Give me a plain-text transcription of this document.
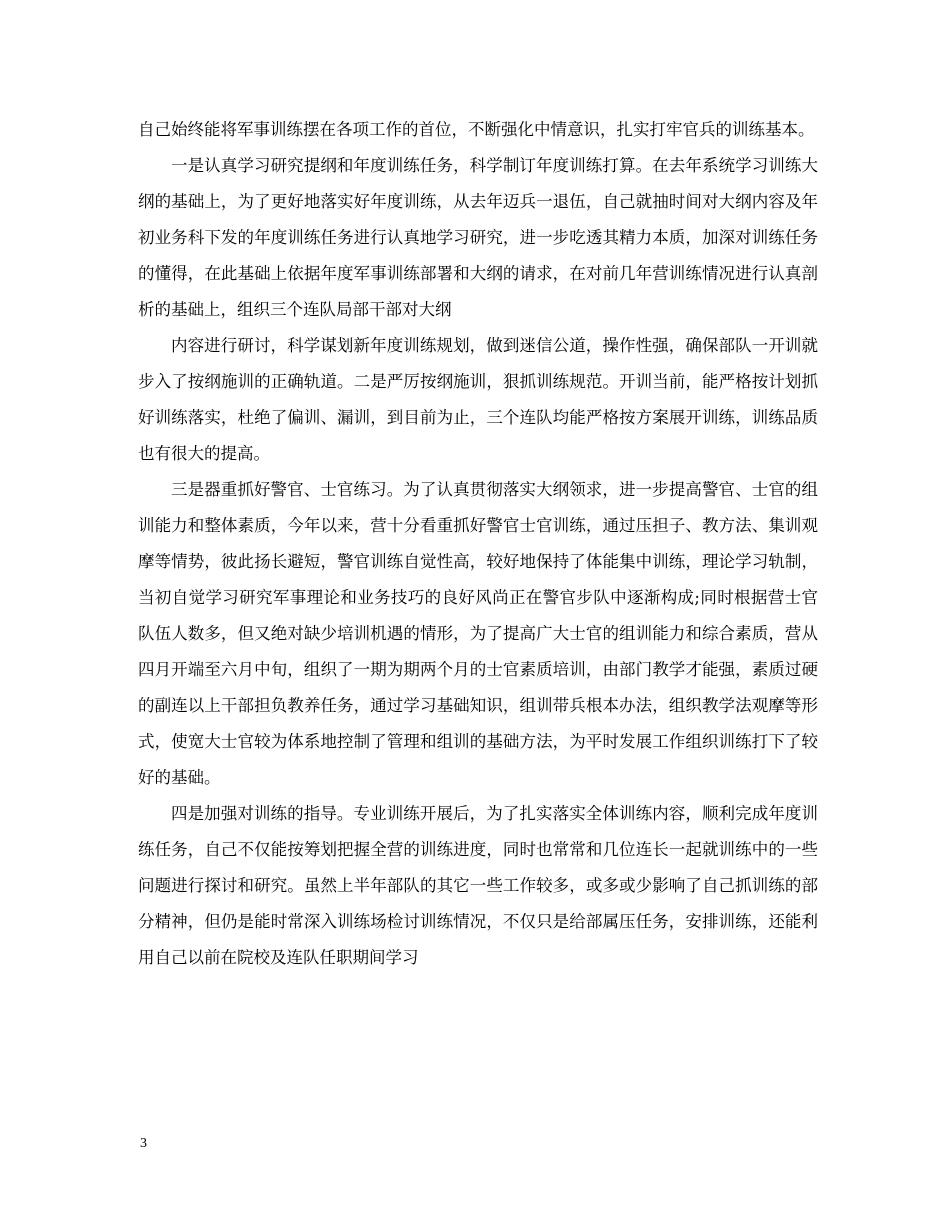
自己始终能将军事训练摆在各项工作的首位，不断强化中情意识，扎实打牢官兵的训练基本。

一是认真学习研究提纲和年度训练任务，科学制订年度训练打算。在去年系统学习训练大纲的基础上，为了更好地落实好年度训练，从去年迈兵一退伍，自己就抽时间对大纲内容及年初业务科下发的年度训练任务进行认真地学习研究，进一步吃透其精力本质，加深对训练任务的懂得，在此基础上依据年度军事训练部署和大纲的请求，在对前几年营训练情况进行认真剖析的基础上，组织三个连队局部干部对大纲

内容进行研讨，科学谋划新年度训练规划，做到迷信公道，操作性强，确保部队一开训就步入了按纲施训的正确轨道。二是严厉按纲施训，狠抓训练规范。开训当前，能严格按计划抓好训练落实，杜绝了偏训、漏训，到目前为止，三个连队均能严格按方案展开训练，训练品质也有很大的提高。

三是器重抓好警官、士官练习。为了认真贯彻落实大纲领求，进一步提高警官、士官的组训能力和整体素质，今年以来，营十分看重抓好警官士官训练，通过压担子、教方法、集训观摩等情势，彼此扬长避短，警官训练自觉性高，较好地保持了体能集中训练，理论学习轨制，当初自觉学习研究军事理论和业务技巧的良好风尚正在警官步队中逐渐构成;同时根据营士官队伍人数多，但又绝对缺少培训机遇的情形，为了提高广大士官的组训能力和综合素质，营从四月开端至六月中旬，组织了一期为期两个月的士官素质培训，由部门教学才能强，素质过硬的副连以上干部担负教养任务，通过学习基础知识，组训带兵根本办法，组织教学法观摩等形式，使宽大士官较为体系地控制了管理和组训的基础方法，为平时发展工作组织训练打下了较好的基础。

四是加强对训练的指导。专业训练开展后，为了扎实落实全体训练内容，顺利完成年度训练任务，自己不仅能按筹划把握全营的训练进度，同时也常常和几位连长一起就训练中的一些问题进行探讨和研究。虽然上半年部队的其它一些工作较多，或多或少影响了自己抓训练的部分精神，但仍是能时常深入训练场检讨训练情况，不仅只是给部属压任务，安排训练，还能利用自己以前在院校及连队任职期间学习

3
